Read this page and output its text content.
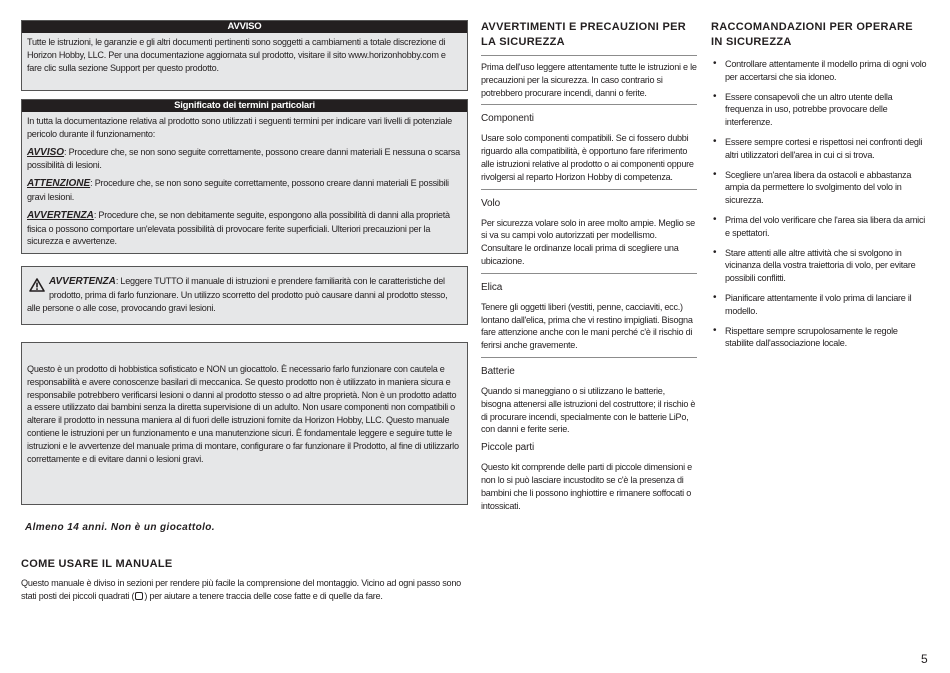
AVVISO

Tutte le istruzioni, le garanzie e gli altri documenti pertinenti sono soggetti a cambiamenti a totale discrezione di Horizon Hobby, LLC. Per una documentazione aggiornata sul prodotto, visitare il sito www.horizonhobby.com e fare clic sulla sezione Support per questo prodotto.

Significato dei termini particolari

In tutta la documentazione relativa al prodotto sono utilizzati i seguenti termini per indicare vari livelli di potenziale pericolo durante il funzionamento:

AVVISO: Procedure che, se non sono seguite correttamente, possono creare danni materiali E nessuna o scarsa possibilità di lesioni.

ATTENZIONE: Procedure che, se non sono seguite correttamente, possono creare danni materiali E possibili gravi lesioni.

AVVERTENZA: Procedure che, se non debitamente seguite, espongono alla possibilità di danni alla proprietà fisica o possono comportare un'elevata possibilità di provocare ferite superficiali. Ulteriori precauzioni per la sicurezza e avvertenze.

AVVERTENZA: Leggere TUTTO il manuale di istruzioni e prendere familiarità con le caratteristiche del prodotto, prima di farlo funzionare. Un utilizzo scorretto del prodotto può causare danni al prodotto stesso, alle persone o alle cose, provocando gravi lesioni.

Questo è un prodotto di hobbistica sofisticato e NON un giocattolo. È necessario farlo funzionare con cautela e responsabilità e avere conoscenze basilari di meccanica. Se questo prodotto non è utilizzato in maniera sicura e responsabile potrebbero verificarsi lesioni o danni al prodotto stesso o ad altre proprietà. Non è un prodotto adatto a essere utilizzato dai bambini senza la diretta supervisione di un adulto. Non usare componenti non compatibili o alterare il prodotto in nessuna maniera al di fuori delle istruzioni fornite da Horizon Hobby, LLC. Questo manuale contiene le istruzioni per un funzionamento e una manutenzione sicuri. È fondamentale leggere e seguire tutte le istruzioni e le avvertenze del manuale prima di montare, configurare o far funzionare il Prodotto, al fine di utilizzarlo correttamente e di evitare danni o lesioni gravi.

Almeno 14 anni. Non è un giocattolo.

COME USARE IL MANUALE

Questo manuale è diviso in sezioni per rendere più facile la comprensione del montaggio. Vicino ad ogni passo sono stati posti dei piccoli quadrati ( ) per aiutare a tenere traccia delle cose fatte e di quelle da fare.

AVVERTIMENTI E PRECAUZIONI PER LA SICUREZZA

Prima dell'uso leggere attentamente tutte le istruzioni e le precauzioni per la sicurezza. In caso contrario si potrebbero procurare incendi, danni o ferite.

Componenti

Usare solo componenti compatibili. Se ci fossero dubbi riguardo alla compatibilità, è opportuno fare riferimento alle istruzioni relative al prodotto o ai componenti oppure rivolgersi al reparto Horizon Hobby di competenza.

Volo

Per sicurezza volare solo in aree molto ampie. Meglio se si va su campi volo autorizzati per modellismo. Consultare le ordinanze locali prima di scegliere una ubicazione.

Elica

Tenere gli oggetti liberi (vestiti, penne, cacciaviti, ecc.) lontano dall'elica, prima che vi restino impigliati. Bisogna fare attenzione anche con le mani perché c'è il rischio di ferirsi anche gravemente.

Batterie

Quando si maneggiano o si utilizzano le batterie, bisogna attenersi alle istruzioni del costruttore; il rischio è di procurare incendi, specialmente con le batterie LiPo, con danni e ferite serie.

Piccole parti

Questo kit comprende delle parti di piccole dimensioni e non lo si può lasciare incustodito se c'è la presenza di bambini che li possono inghiottire e rimanere soffocati o intossicati.

RACCOMANDAZIONI PER OPERARE IN SICUREZZA

• Controllare attentamente il modello prima di ogni volo per accertarsi che sia idoneo.
• Essere consapevoli che un altro utente della frequenza in uso, potrebbe provocare delle interferenze.
• Essere sempre cortesi e rispettosi nei confronti degli altri utilizzatori dell'area in cui ci si trova.
• Scegliere un'area libera da ostacoli e abbastanza ampia da permettere lo svolgimento del volo in sicurezza.
• Prima del volo verificare che l'area sia libera da amici e spettatori.
• Stare attenti alle altre attività che si svolgono in vicinanza della vostra traiettoria di volo, per evitare possibili conflitti.
• Pianificare attentamente il volo prima di lanciare il modello.
• Rispettare sempre scrupolosamente le regole stabilite dall'associazione locale.
5
